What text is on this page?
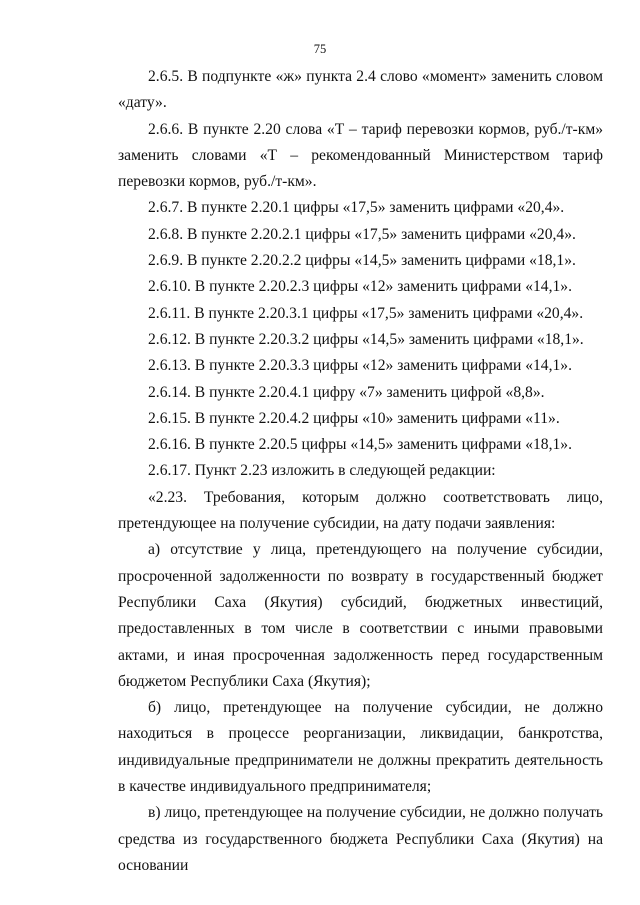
75

2.6.5. В подпункте «ж» пункта 2.4 слово «момент» заменить словом «дату».

2.6.6. В пункте 2.20 слова «Т – тариф перевозки кормов, руб./т-км» заменить словами «Т – рекомендованный Министерством тариф перевозки кормов, руб./т-км».

2.6.7. В пункте 2.20.1 цифры «17,5» заменить цифрами «20,4».

2.6.8. В пункте 2.20.2.1 цифры «17,5» заменить цифрами «20,4».

2.6.9. В пункте 2.20.2.2 цифры «14,5» заменить цифрами «18,1».

2.6.10. В пункте 2.20.2.3 цифры «12» заменить цифрами «14,1».

2.6.11. В пункте 2.20.3.1 цифры «17,5» заменить цифрами «20,4».

2.6.12. В пункте 2.20.3.2 цифры «14,5» заменить цифрами «18,1».

2.6.13. В пункте 2.20.3.3 цифры «12» заменить цифрами «14,1».

2.6.14. В пункте 2.20.4.1 цифру «7» заменить цифрой «8,8».

2.6.15. В пункте 2.20.4.2 цифры «10» заменить цифрами «11».

2.6.16. В пункте 2.20.5 цифры «14,5» заменить цифрами «18,1».

2.6.17. Пункт 2.23 изложить в следующей редакции:

«2.23. Требования, которым должно соответствовать лицо, претендующее на получение субсидии, на дату подачи заявления:

а) отсутствие у лица, претендующего на получение субсидии, просроченной задолженности по возврату в государственный бюджет Республики Саха (Якутия) субсидий, бюджетных инвестиций, предоставленных в том числе в соответствии с иными правовыми актами, и иная просроченная задолженность перед государственным бюджетом Республики Саха (Якутия);

б) лицо, претендующее на получение субсидии, не должно находиться в процессе реорганизации, ликвидации, банкротства, индивидуальные предприниматели не должны прекратить деятельность в качестве индивидуального предпринимателя;

в) лицо, претендующее на получение субсидии, не должно получать средства из государственного бюджета Республики Саха (Якутия) на основании
